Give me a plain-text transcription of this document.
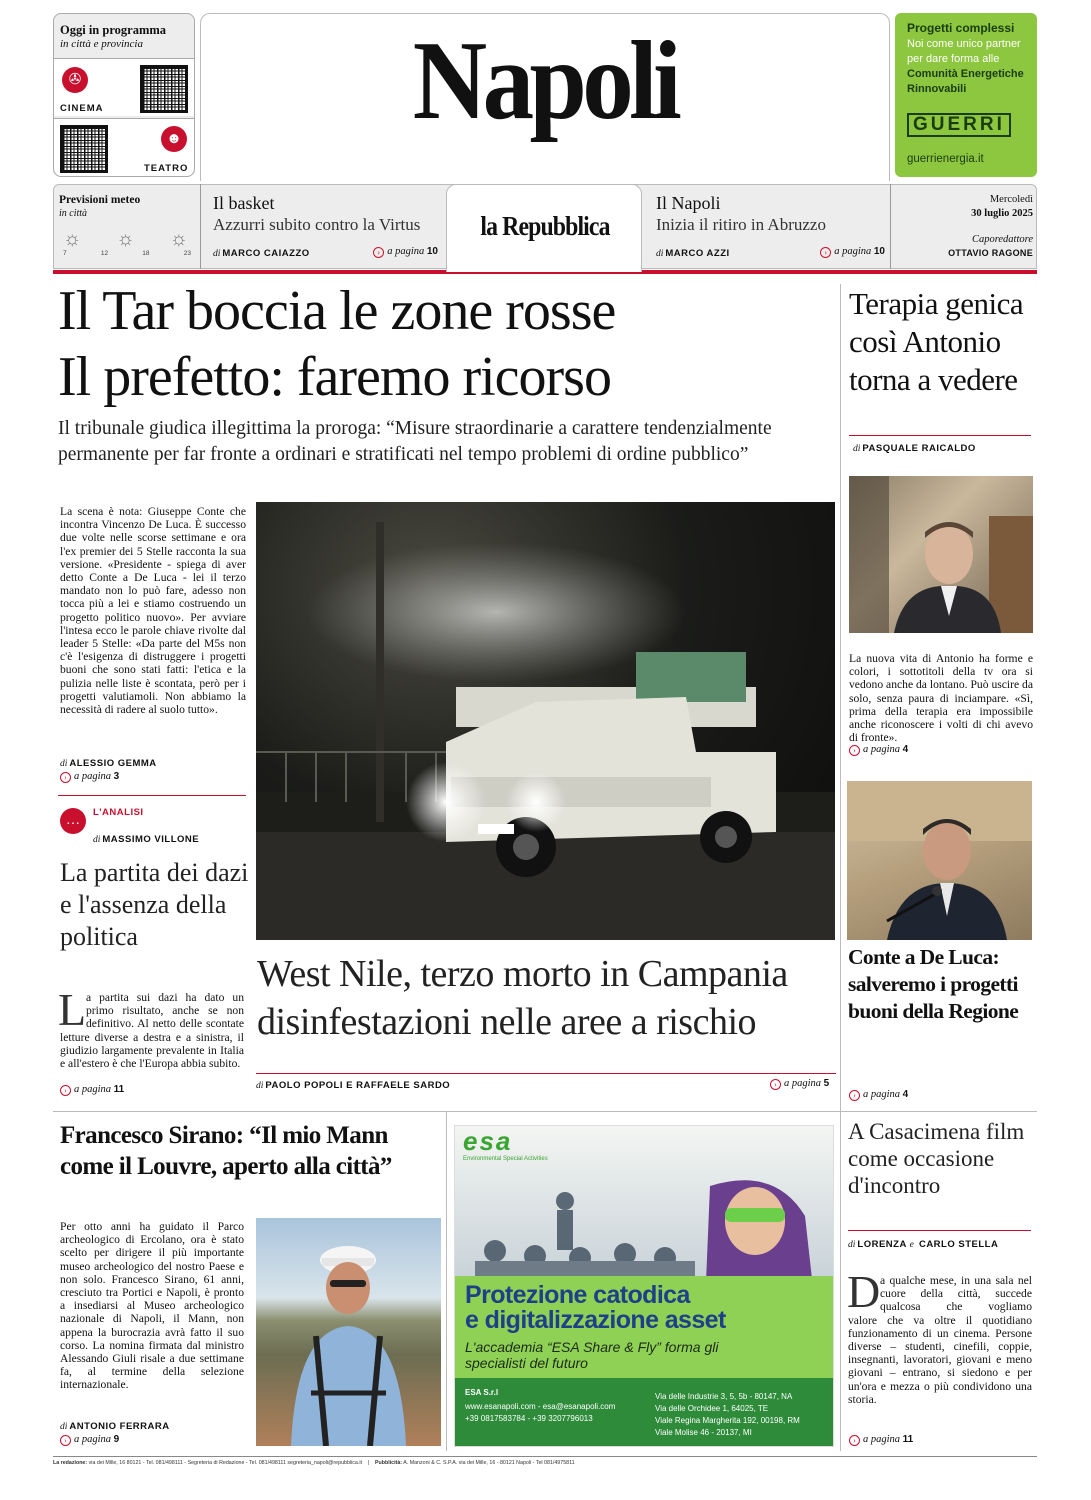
Oggi in programma
in città e provincia
✇
CINEMA
☻
TEATRO
Napoli	Progetti complessi
Noi come unico partner
per dare forma alle
Comunità Energetiche
Rinnovabili
GUERRI
guerrienergia.it
Previsioni meteo
in città
☼ ☼ ☼
7	12	18	23
Il basket
Azzurri subito contro la Virtus
di MARCO CAIAZZO	› a pagina 10
la Repubblica
Il Napoli
Inizia il ritiro in Abruzzo
di MARCO AZZI	› a pagina 10
Mercoledì
30 luglio 2025
Caporedattore
OTTAVIO RAGONE
Il Tar boccia le zone rosse
Il prefetto: faremo ricorso
Il tribunale giudica illegittima la proroga: “Misure straordinarie a carattere tendenzialmente permanente per far fronte a ordinari e stratificati nel tempo problemi di ordine pubblico”
La scena è nota: Giuseppe Conte che incontra Vincenzo De Luca. È successo due volte nelle scorse settimane e ora l'ex premier dei 5 Stelle racconta la sua versione. «Presidente - spiega di aver detto Conte a De Luca - lei il terzo mandato non lo può fare, adesso non tocca più a lei e stiamo costruendo un progetto politico nuovo». Per avviare l'intesa ecco le parole chiave rivolte dal leader 5 Stelle: «Da parte del M5s non c'è l'esigenza di distruggere i progetti buoni che sono stati fatti: l'etica e la pulizia nelle liste è scontata, però per i progetti valutiamoli. Non abbiamo la necessità di radere al suolo tutto».
di ALESSIO GEMMA
› a pagina 3
…
L'ANALISI
di MASSIMO VILLONE
La partita dei dazi e l'assenza della politica
L a partita sui dazi ha dato un primo risultato, anche se non definitivo. Al netto delle scontate
letture diverse a destra e a sinistra, il giudizio largamente prevalente in Italia e all'estero è che l'Europa abbia subito.
› a pagina 11
West Nile, terzo morto in Campania disinfestazioni nelle aree a rischio
di PAOLO POPOLI E RAFFAELE SARDO	› a pagina 5
Terapia genica così Antonio torna a vedere
di PASQUALE RAICALDO
La nuova vita di Antonio ha forme e colori, i sottotitoli della tv ora si vedono anche da lontano. Può uscire da solo, senza paura di inciampare. «Sì, prima della terapia era impossibile anche riconoscere i volti di chi avevo di fronte».
› a pagina 4
Conte a De Luca: salveremo i progetti buoni della Regione
› a pagina 4
Francesco Sirano: “Il mio Mann come il Louvre, aperto alla città”
Per otto anni ha guidato il Parco archeologico di Ercolano, ora è stato scelto per dirigere il più importante museo archeologico del nostro Paese e non solo. Francesco Sirano, 61 anni, cresciuto tra Portici e Napoli, è pronto a insediarsi al Museo archeologico nazionale di Napoli, il Mann, non appena la burocrazia avrà fatto il suo corso. La nomina firmata dal ministro Alessando Giuli risale a due settimane fa, al termine della selezione internazionale.
di ANTONIO FERRARA
› a pagina 9
esa
Environmental Special Activities
Protezione catodica
e digitalizzazione asset
L'accademia “ESA Share & Fly” forma gli specialisti del futuro
ESA S.r.l
www.esanapoli.com - esa@esanapoli.com
+39 0817583784 - +39 3207796013
Via delle Industrie 3, 5, 5b - 80147, NA
Via delle Orchidee 1, 64025, TE
Viale Regina Margherita 192, 00198, RM
Viale Molise 46 - 20137, MI
A Casacimena film come occasione d'incontro
di LORENZA e CARLO STELLA
D a qualche mese, in una sala nel cuore della città, succede qualcosa che vogliamo
valore che va oltre il quotidiano funzionamento di un cinema. Persone diverse – studenti, cinefili, coppie, insegnanti, lavoratori, giovani e meno giovani – entrano, si siedono e per un'ora e mezza o più condividono una storia.
› a pagina 11
La redazione: via dei Mille, 16 80121 - Tel. 081/498111 - Segreteria di Redazione - Tel. 081/498111 segreteria_napoli@repubblica.it | Pubblicità: A. Manzoni & C. S.P.A. via dei Mille, 16 - 80121 Napoli - Tel 081/4975811
